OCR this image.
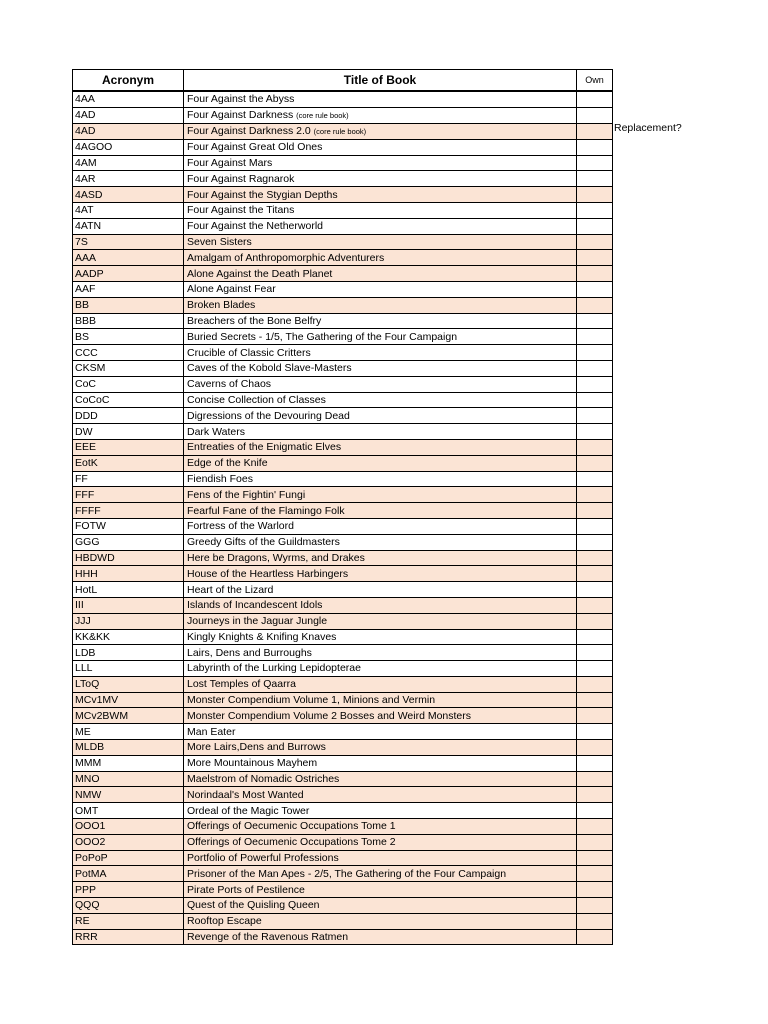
Acronym	Title of Book	Own
4AA	Four Against the Abyss	
4AD	Four Against Darkness (core rule book)	
4AD	Four Against Darkness 2.0 (core rule book)	
4AGOO	Four Against Great Old Ones	
4AM	Four Against Mars	
4AR	Four Against Ragnarok	
4ASD	Four Against the Stygian Depths	
4AT	Four Against the Titans	
4ATN	Four Against the Netherworld	
7S	Seven Sisters	
AAA	Amalgam of Anthropomorphic Adventurers	
AADP	Alone Against the Death Planet	
AAF	Alone Against Fear	
BB	Broken Blades	
BBB	Breachers of the Bone Belfry	
BS	Buried Secrets - 1/5, The Gathering of the Four Campaign	
CCC	Crucible of Classic Critters	
CKSM	Caves of the Kobold Slave-Masters	
CoC	Caverns of Chaos	
CoCoC	Concise Collection of Classes	
DDD	Digressions of the Devouring Dead	
DW	Dark Waters	
EEE	Entreaties of the Enigmatic Elves	
EotK	Edge of the Knife	
FF	Fiendish Foes	
FFF	Fens of the Fightin' Fungi	
FFFF	Fearful Fane of the Flamingo Folk	
FOTW	Fortress of the Warlord	
GGG	Greedy Gifts of the Guildmasters	
HBDWD	Here be Dragons, Wyrms, and Drakes	
HHH	House of the Heartless Harbingers	
HotL	Heart of the Lizard	
III	Islands of Incandescent Idols	
JJJ	Journeys in the Jaguar Jungle	
KK&KK	Kingly Knights & Knifing Knaves	
LDB	Lairs, Dens and Burroughs	
LLL	Labyrinth of the Lurking Lepidopterae	
LToQ	Lost Temples of Qaarra	
MCv1MV	Monster Compendium Volume 1, Minions and Vermin	
MCv2BWM	Monster Compendium Volume 2 Bosses and Weird Monsters	
ME	Man Eater	
MLDB	More Lairs,Dens and Burrows	
MMM	More Mountainous Mayhem	
MNO	Maelstrom of Nomadic Ostriches	
NMW	Norindaal's Most Wanted	
OMT	Ordeal of the Magic Tower	
OOO1	Offerings of Oecumenic Occupations Tome 1	
OOO2	Offerings of Oecumenic Occupations Tome 2	
PoPoP	Portfolio of Powerful Professions	
PotMA	Prisoner of the Man Apes - 2/5, The Gathering of the Four Campaign	
PPP	Pirate Ports of Pestilence	
QQQ	Quest of the Quisling Queen	
RE	Rooftop Escape	
RRR	Revenge of the Ravenous Ratmen	
Replacement?
